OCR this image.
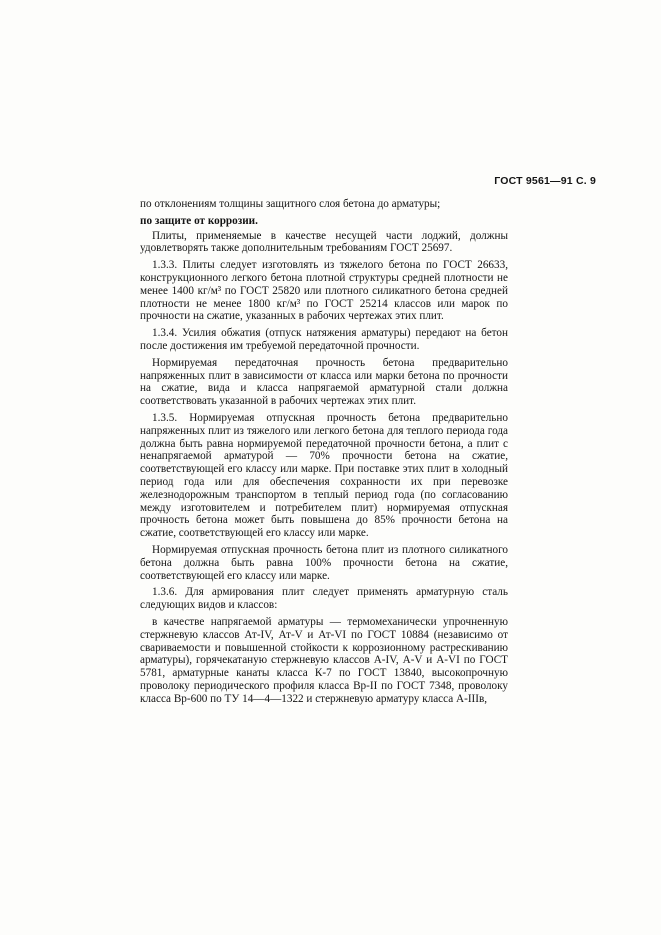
ГОСТ 9561—91 С. 9

по отклонениям толщины защитного слоя бетона до арматуры;

по защите от коррозии.

Плиты, применяемые в качестве несущей части лоджий, должны удовлетворять также дополнительным требованиям ГОСТ 25697.

1.3.3. Плиты следует изготовлять из тяжелого бетона по ГОСТ 26633, конструкционного легкого бетона плотной структуры средней плотности не менее 1400 кг/м³ по ГОСТ 25820 или плотного силикатного бетона средней плотности не менее 1800 кг/м³ по ГОСТ 25214 классов или марок по прочности на сжатие, указанных в рабочих чертежах этих плит.

1.3.4. Усилия обжатия (отпуск натяжения арматуры) передают на бетон после достижения им требуемой передаточной прочности.

Нормируемая передаточная прочность бетона предварительно напряженных плит в зависимости от класса или марки бетона по прочности на сжатие, вида и класса напрягаемой арматурной стали должна соответствовать указанной в рабочих чертежах этих плит.

1.3.5. Нормируемая отпускная прочность бетона предварительно напряженных плит из тяжелого или легкого бетона для теплого периода года должна быть равна нормируемой передаточной прочности бетона, а плит с ненапрягаемой арматурой — 70% прочности бетона на сжатие, соответствующей его классу или марке. При поставке этих плит в холодный период года или для обеспечения сохранности их при перевозке железнодорожным транспортом в теплый период года (по согласованию между изготовителем и потребителем плит) нормируемая отпускная прочность бетона может быть повышена до 85% прочности бетона на сжатие, соответствующей его классу или марке.

Нормируемая отпускная прочность бетона плит из плотного силикатного бетона должна быть равна 100% прочности бетона на сжатие, соответствующей его классу или марке.

1.3.6. Для армирования плит следует применять арматурную сталь следующих видов и классов:

в качестве напрягаемой арматуры — термомеханически упрочненную стержневую классов Ат-IV, Ат-V и Ат-VI по ГОСТ 10884 (независимо от свариваемости и повышенной стойкости к коррозионному растрескиванию арматуры), горячекатаную стержневую классов А-IV, А-V и А-VI по ГОСТ 5781, арматурные канаты класса К-7 по ГОСТ 13840, высокопрочную проволоку периодического профиля класса Вр-II по ГОСТ 7348, проволоку класса Вр-600 по ТУ 14—4—1322 и стержневую арматуру класса А-IIIв,
